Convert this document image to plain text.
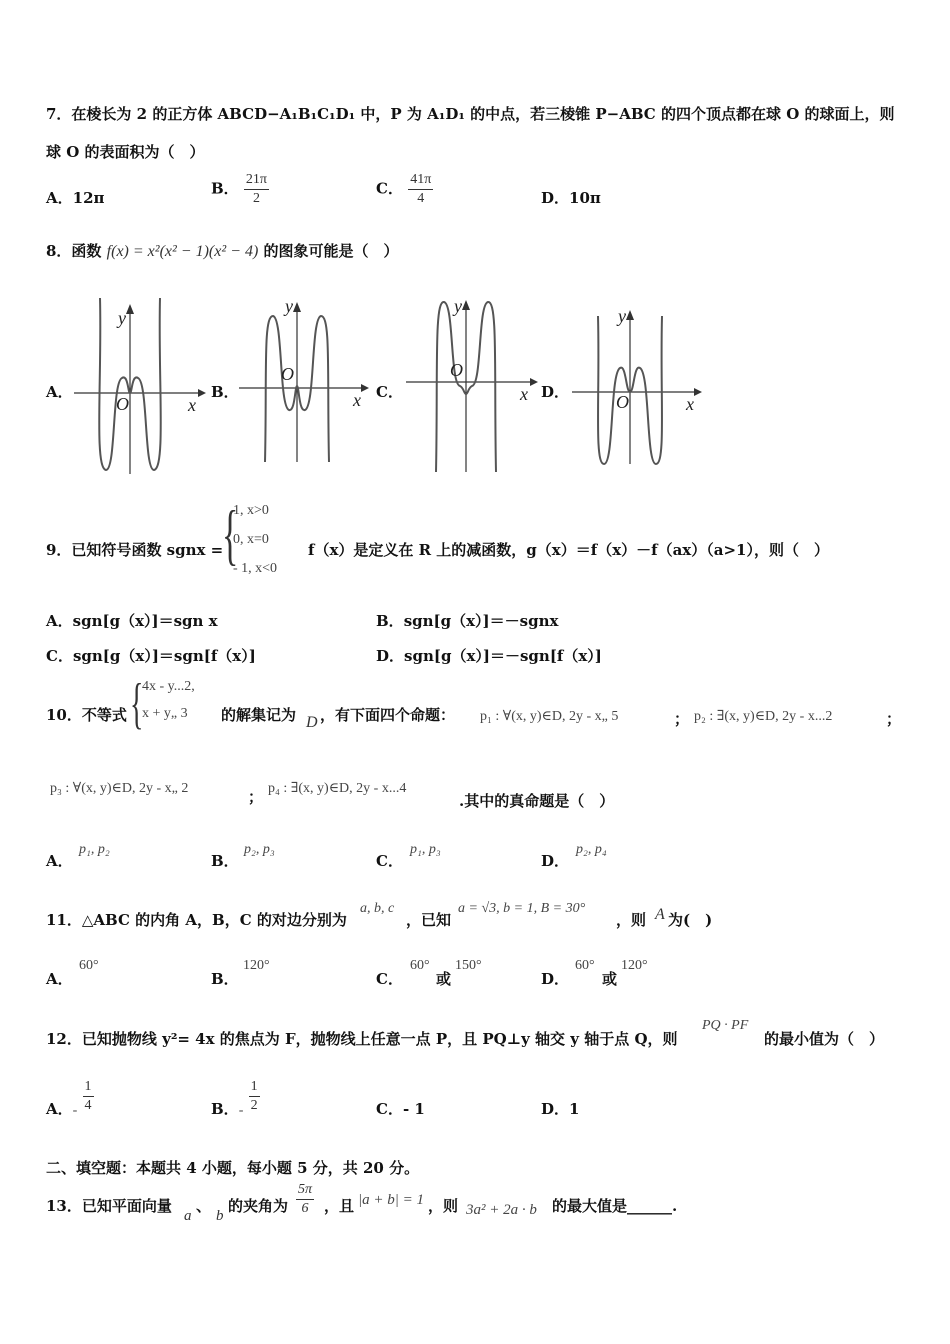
7．在棱长为 2 的正方体 ABCD−A₁B₁C₁D₁ 中，P 为 A₁D₁ 的中点，若三棱锥 P−ABC 的四个顶点都在球 O 的球面上，则
球 O 的表面积为（　）
A．12π
B． $\frac{21\pi}{2}$	C． $\frac{41\pi}{4}$	D．10π
8．函数 f(x) = x²(x² − 1)(x² − 4) 的图象可能是（　）
A．	B．	C．	D．
y
x
O
y
x
O
y
x
O
y
x
O
9．已知符号函数 sgnx =
{
1, x>0
0, x=0
- 1, x<0
f（x）是定义在 R 上的减函数，g（x）＝f（x）－f（ax）（a>1），则（　）
A．sgn[g（x）]＝sgn x	B．sgn[g（x）]＝－sgnx
C．sgn[g（x）]＝sgn[f（x）]	D．sgn[g（x）]＝－sgn[f（x）]
10．不等式 {
4x - y...2,
x + y„ 3 的解集记为 D ，有下面四个命题： p₁ : ∀(x, y)∈D, 2y - x„ 5	； p₂ : ∃(x, y)∈D, 2y - x...2	；
p₃ : ∀(x, y)∈D, 2y - x„ 2	； p₄ : ∃(x, y)∈D, 2y - x...4
.其中的真命题是（　）
A．
p₁, p₂
B．
p₂, p₃
C．
p₁, p₃
D．
p₂, p₄
11．△ABC 的内角 A，B，C 的对边分别为
a, b, c
，已知
a = √3, b = 1, B = 30°
，则 A 为(　)
A．
60°
B．
120°
C．
60°
或
150°
D．
60°
或
120°
12．已知抛物线 y²= 4x 的焦点为 F，抛物线上任意一点 P，且 PQ⊥y 轴交 y 轴于点 Q，则
PQ · PF
的最小值为（　）
A．- $\frac{1}{4}$	B．- $\frac{1}{2}$	C．- 1	D．1
二、填空题：本题共 4 小题，每小题 5 分，共 20 分。
13．已知平面向量
a
、
b
的夹角为 $\frac{5\pi}{6}$ ，且 |a + b| = 1 ，则 3a² + 2a · b 的最大值是______.
